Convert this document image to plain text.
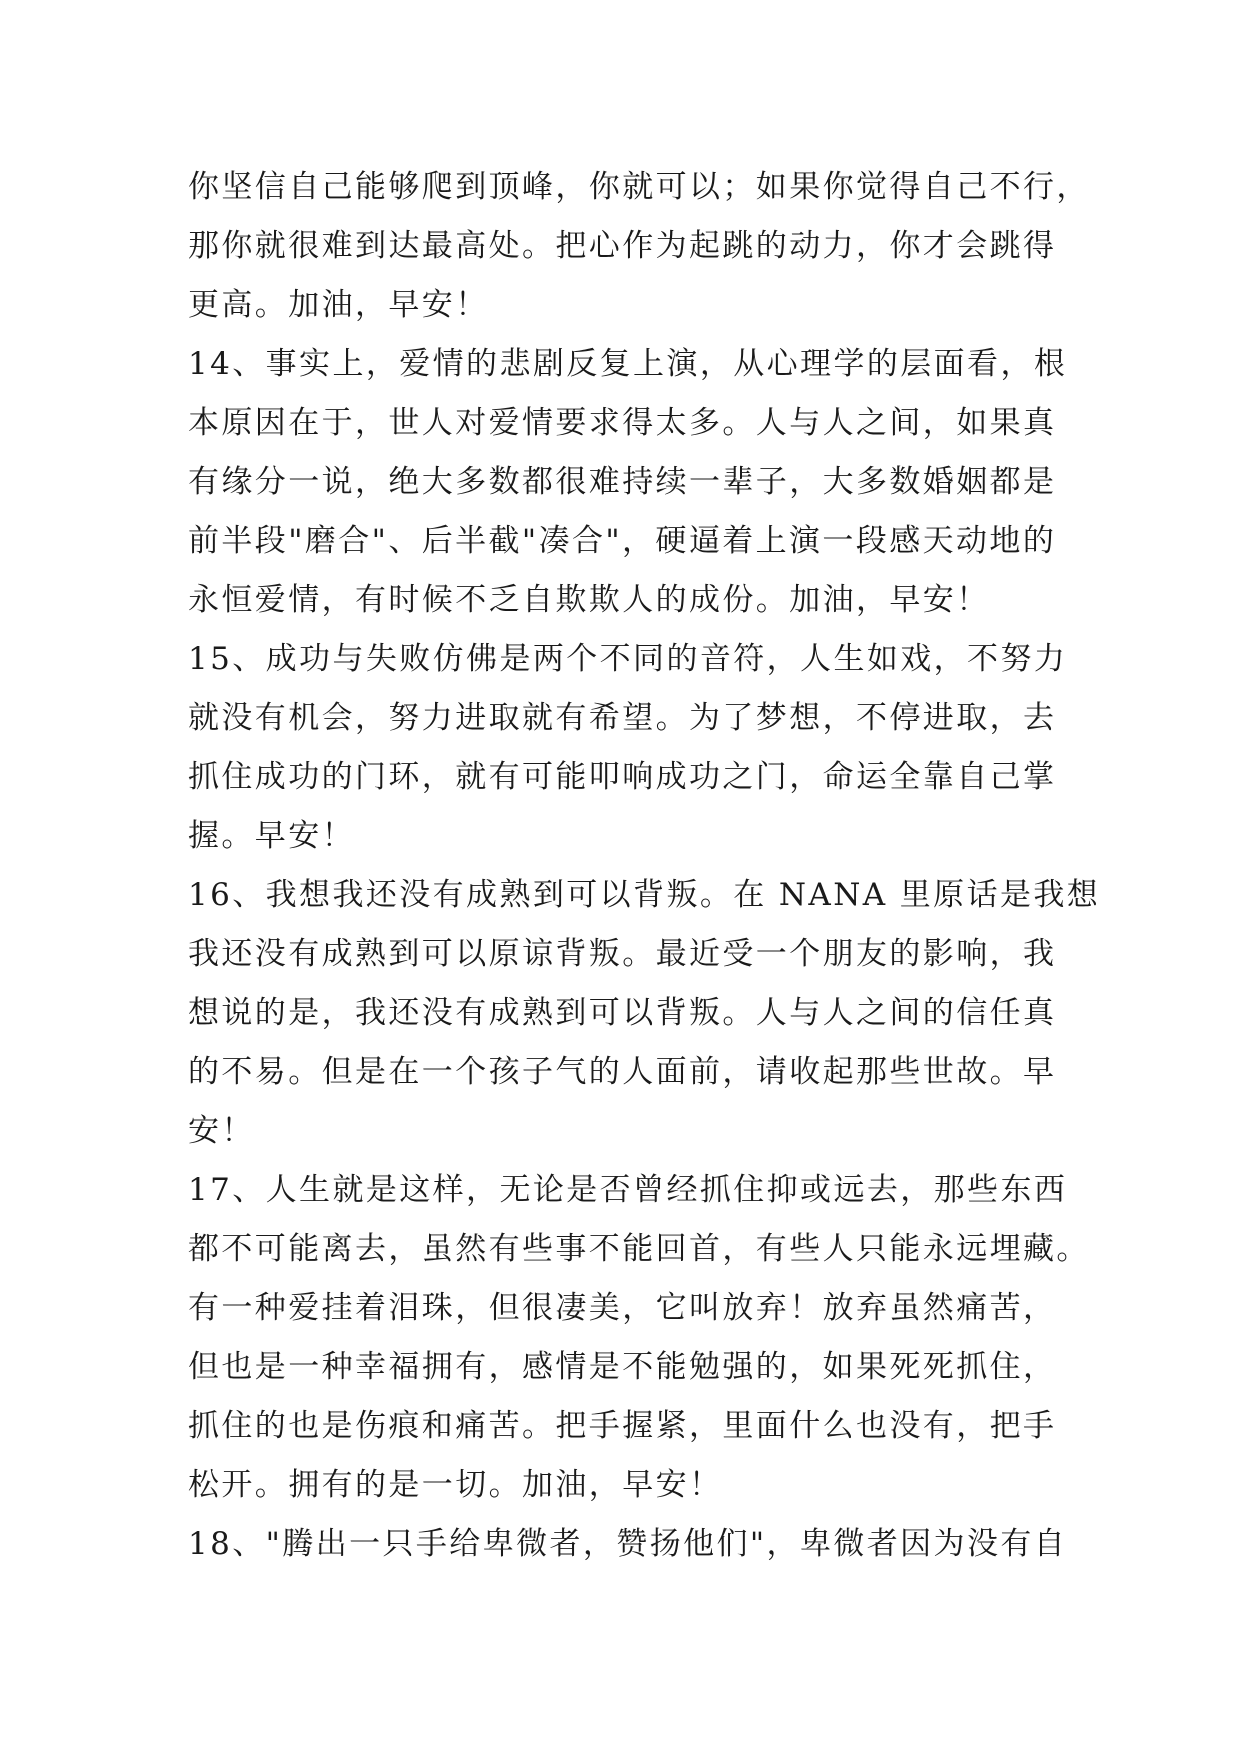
你坚信自己能够爬到顶峰，你就可以；如果你觉得自己不行，
那你就很难到达最高处。把心作为起跳的动力，你才会跳得
更高。加油，早安！
14、事实上，爱情的悲剧反复上演，从心理学的层面看，根
本原因在于，世人对爱情要求得太多。人与人之间，如果真
有缘分一说，绝大多数都很难持续一辈子，大多数婚姻都是
前半段"磨合"、后半截"凑合"，硬逼着上演一段感天动地的
永恒爱情，有时候不乏自欺欺人的成份。加油，早安！
15、成功与失败仿佛是两个不同的音符，人生如戏，不努力
就没有机会，努力进取就有希望。为了梦想，不停进取，去
抓住成功的门环，就有可能叩响成功之门，命运全靠自己掌
握。早安！
16、我想我还没有成熟到可以背叛。在 NANA 里原话是我想
我还没有成熟到可以原谅背叛。最近受一个朋友的影响，我
想说的是，我还没有成熟到可以背叛。人与人之间的信任真
的不易。但是在一个孩子气的人面前，请收起那些世故。早
安！
17、人生就是这样，无论是否曾经抓住抑或远去，那些东西
都不可能离去，虽然有些事不能回首，有些人只能永远埋藏。
有一种爱挂着泪珠，但很凄美，它叫放弃！放弃虽然痛苦，
但也是一种幸福拥有，感情是不能勉强的，如果死死抓住，
抓住的也是伤痕和痛苦。把手握紧，里面什么也没有，把手
松开。拥有的是一切。加油，早安！
18、"腾出一只手给卑微者，赞扬他们"，卑微者因为没有自
